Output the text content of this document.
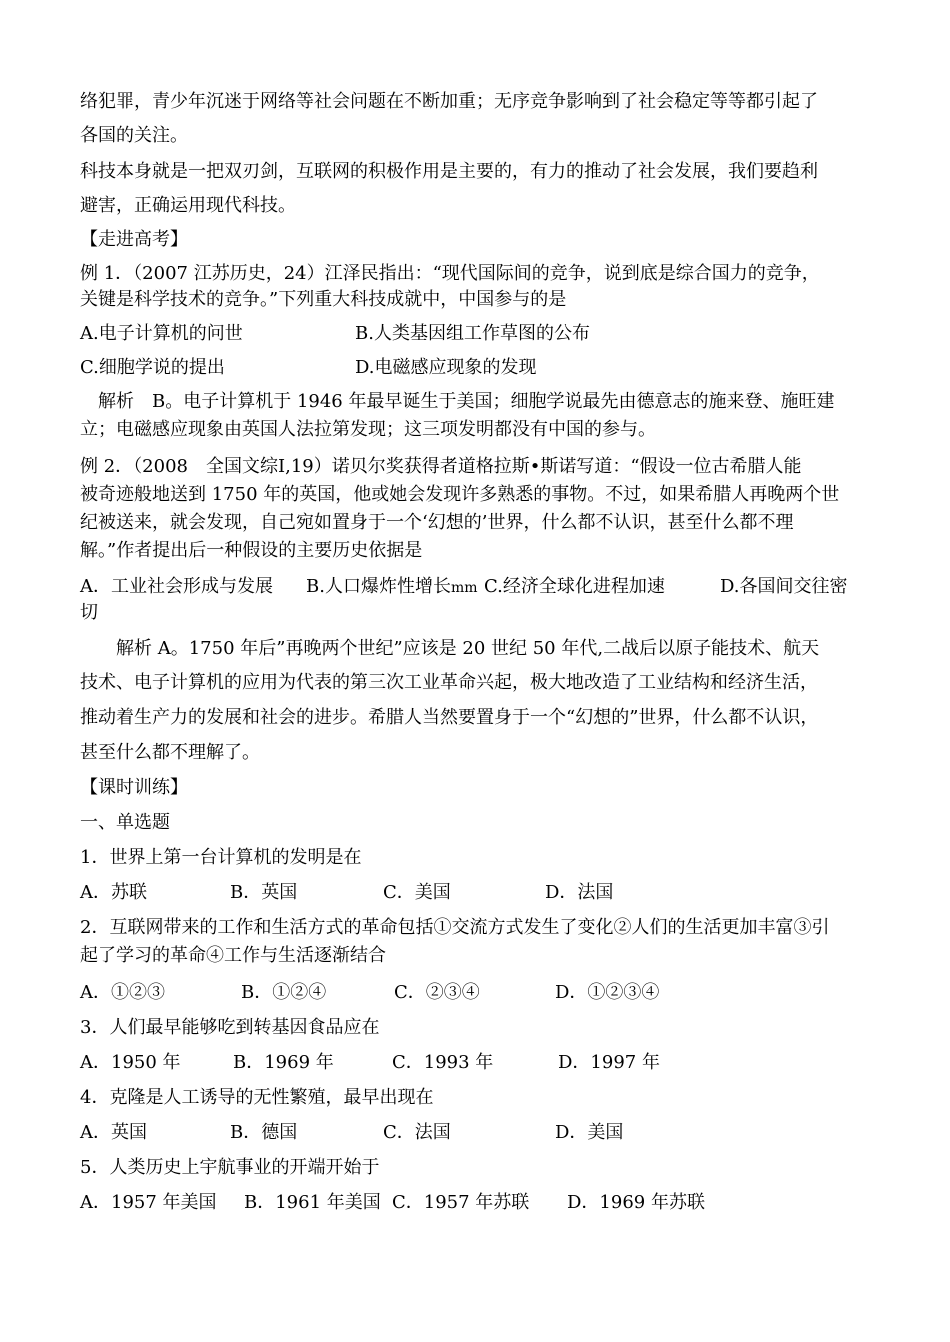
络犯罪，青少年沉迷于网络等社会问题在不断加重；无序竞争影响到了社会稳定等等都引起了
各国的关注。
科技本身就是一把双刃剑，互联网的积极作用是主要的，有力的推动了社会发展，我们要趋利
避害，正确运用现代科技。
【走进高考】
例 1．（2007 江苏历史，24）江泽民指出：“现代国际间的竞争，说到底是综合国力的竞争，
关键是科学技术的竞争。”下列重大科技成就中，中国参与的是
A.电子计算机的问世	B.人类基因组工作草图的公布
C.细胞学说的提出	D.电磁感应现象的发现
解析　B。电子计算机于 1946 年最早诞生于美国；细胞学说最先由德意志的施来登、施旺建
立；电磁感应现象由英国人法拉第发现；这三项发明都没有中国的参与。
例 2．（2008　全国文综Ⅰ,19）诺贝尔奖获得者道格拉斯•斯诺写道：“假设一位古希腊人能
被奇迹般地送到 1750 年的英国，他或她会发现许多熟悉的事物。不过，如果希腊人再晚两个世
纪被送来，就会发现，自己宛如置身于一个‘幻想的’世界，什么都不认识，甚至什么都不理
解。”作者提出后一种假设的主要历史依据是
A．工业社会形成与发展 B.人口爆炸性增长mm C.经济全球化进程加速	D.各国间交往密
切
解析 A。1750 年后”再晚两个世纪”应该是 20 世纪 50 年代,二战后以原子能技术、航天
技术、电子计算机的应用为代表的第三次工业革命兴起，极大地改造了工业结构和经济生活，
推动着生产力的发展和社会的进步。希腊人当然要置身于一个“幻想的”世界，什么都不认识，
甚至什么都不理解了。
【课时训练】
一、单选题
1．世界上第一台计算机的发明是在
A．苏联	B．英国	C．美国	D．法国
2．互联网带来的工作和生活方式的革命包括①交流方式发生了变化②人们的生活更加丰富③引
起了学习的革命④工作与生活逐渐结合
A．①②③	B．①②④	C．②③④	D．①②③④
3．人们最早能够吃到转基因食品应在
A．1950 年	B．1969 年	C．1993 年	D．1997 年
4．克隆是人工诱导的无性繁殖，最早出现在
A．英国	B．德国	C．法国	D．美国
5．人类历史上宇航事业的开端开始于
A．1957 年美国 B．1961 年美国 C．1957 年苏联 D．1969 年苏联
